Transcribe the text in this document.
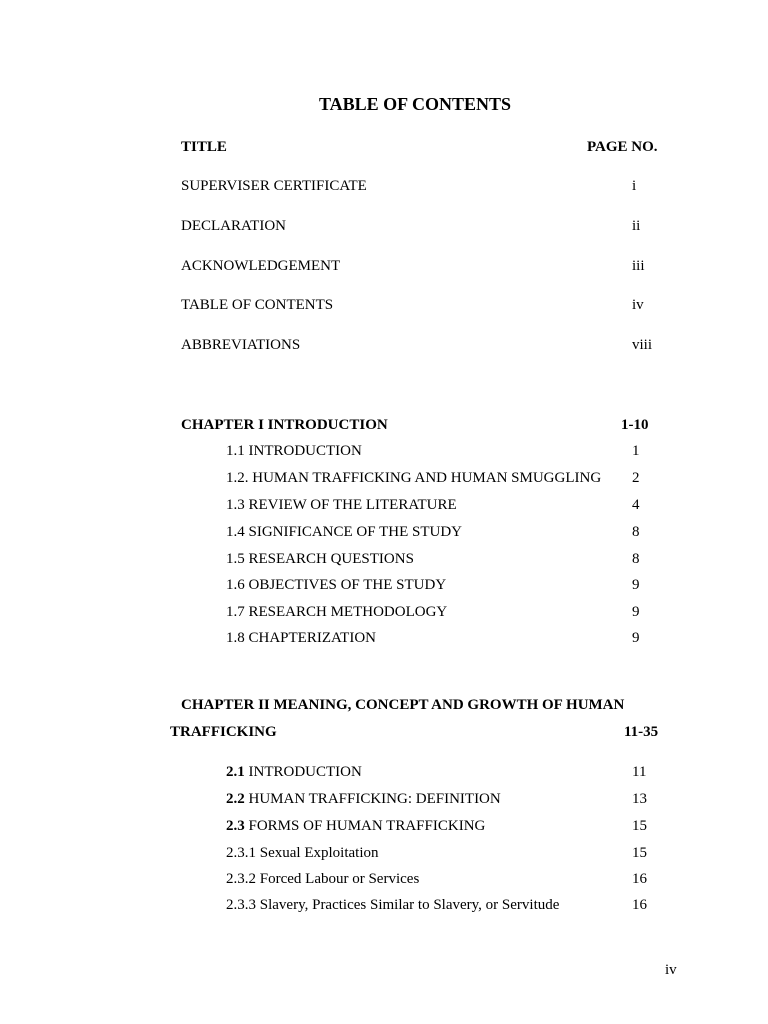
TABLE OF CONTENTS
TITLE	PAGE NO.
SUPERVISER CERTIFICATE	i
DECLARATION	ii
ACKNOWLEDGEMENT	iii
TABLE OF CONTENTS	iv
ABBREVIATIONS	viii
CHAPTER I INTRODUCTION	1-10
1.1 INTRODUCTION	1
1.2. HUMAN TRAFFICKING AND HUMAN SMUGGLING 2
1.3 REVIEW OF THE LITERATURE	4
1.4 SIGNIFICANCE OF THE STUDY	8
1.5 RESEARCH QUESTIONS	8
1.6 OBJECTIVES OF THE STUDY	9
1.7 RESEARCH METHODOLOGY	9
1.8 CHAPTERIZATION	9
CHAPTER II MEANING, CONCEPT AND GROWTH OF HUMAN
TRAFFICKING	11-35
2.1 INTRODUCTION	11
2.2 HUMAN TRAFFICKING: DEFINITION	13
2.3 FORMS OF HUMAN TRAFFICKING	15
2.3.1 Sexual Exploitation	15
2.3.2 Forced Labour or Services	16
2.3.3 Slavery, Practices Similar to Slavery, or Servitude	16
iv
